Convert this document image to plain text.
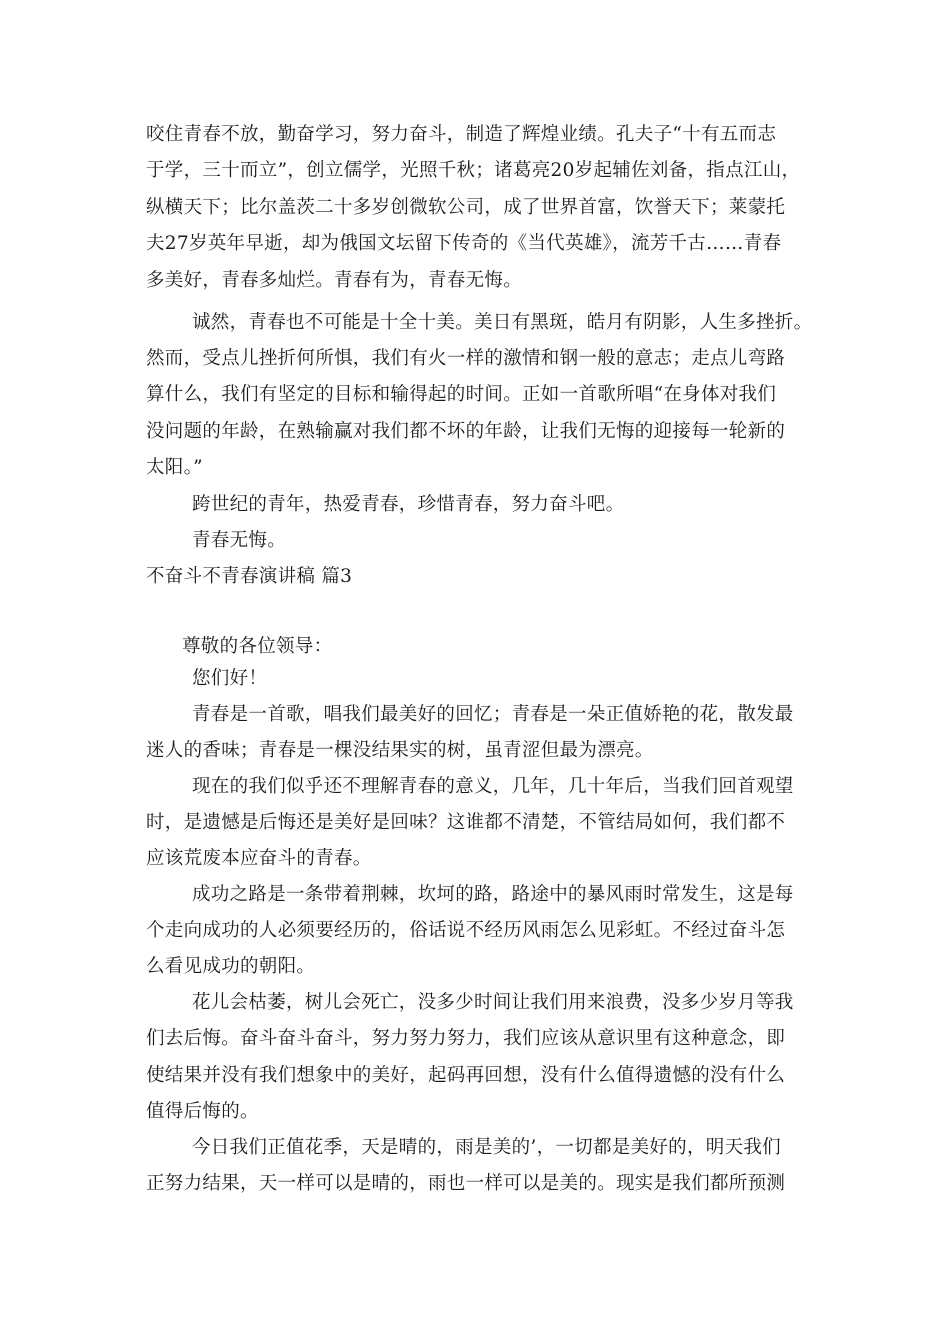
咬住青春不放，勤奋学习，努力奋斗，制造了辉煌业绩。孔夫子“十有五而志
于学，三十而立”，创立儒学，光照千秋；诸葛亮20岁起辅佐刘备，指点江山，
纵横天下；比尔盖茨二十多岁创微软公司，成了世界首富，饮誉天下；莱蒙托
夫27岁英年早逝，却为俄国文坛留下传奇的《当代英雄》，流芳千古……青春
多美好，青春多灿烂。青春有为，青春无悔。
诚然，青春也不可能是十全十美。美日有黑斑，皓月有阴影，人生多挫折。
然而，受点儿挫折何所惧，我们有火一样的激情和钢一般的意志；走点儿弯路
算什么，我们有坚定的目标和输得起的时间。正如一首歌所唱“在身体对我们
没问题的年龄，在熟输赢对我们都不坏的年龄，让我们无悔的迎接每一轮新的
太阳。”
跨世纪的青年，热爱青春，珍惜青春，努力奋斗吧。
青春无悔。
不奋斗不青春演讲稿 篇3
尊敬的各位领导：
您们好！
青春是一首歌，唱我们最美好的回忆；青春是一朵正值娇艳的花，散发最
迷人的香味；青春是一棵没结果实的树，虽青涩但最为漂亮。
现在的我们似乎还不理解青春的意义，几年，几十年后，当我们回首观望
时，是遗憾是后悔还是美好是回味？这谁都不清楚，不管结局如何，我们都不
应该荒废本应奋斗的青春。
成功之路是一条带着荆棘，坎坷的路，路途中的暴风雨时常发生，这是每
个走向成功的人必须要经历的，俗话说不经历风雨怎么见彩虹。不经过奋斗怎
么看见成功的朝阳。
花儿会枯萎，树儿会死亡，没多少时间让我们用来浪费，没多少岁月等我
们去后悔。奋斗奋斗奋斗，努力努力努力，我们应该从意识里有这种意念，即
使结果并没有我们想象中的美好，起码再回想，没有什么值得遗憾的没有什么
值得后悔的。
今日我们正值花季，天是晴的，雨是美的’，一切都是美好的，明天我们
正努力结果，天一样可以是晴的，雨也一样可以是美的。现实是我们都所预测
